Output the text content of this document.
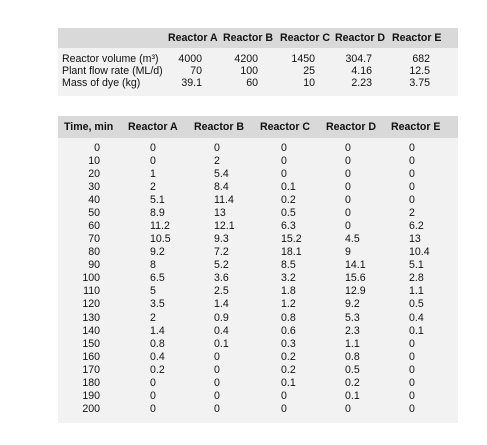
Reactor A Reactor B Reactor C Reactor D Reactor E
Reactor volume (m³)	4000	4200	1450	304.7	682
Plant flow rate (ML/d)	70	100	25	4.16	12.5
Mass of dye (kg)	39.1	60	10	2.23	3.75
Time, min Reactor A Reactor B Reactor C Reactor D Reactor E
0	0	0	0	0	0
10	0	2	0	0	0
20	1	5.4	0	0	0
30	2	8.4	0.1	0	0
40	5.1	11.4	0.2	0	0
50	8.9	13	0.5	0	2
60	11.2	12.1	6.3	0	6.2
70	10.5	9.3	15.2	4.5	13
80	9.2	7.2	18.1	9	10.4
90	8	5.2	8.5	14.1	5.1
100	6.5	3.6	3.2	15.6	2.8
110	5	2.5	1.8	12.9	1.1
120	3.5	1.4	1.2	9.2	0.5
130	2	0.9	0.8	5.3	0.4
140	1.4	0.4	0.6	2.3	0.1
150	0.8	0.1	0.3	1.1	0
160	0.4	0	0.2	0.8	0
170	0.2	0	0.2	0.5	0
180	0	0	0.1	0.2	0
190	0	0	0	0.1	0
200	0	0	0	0	0
